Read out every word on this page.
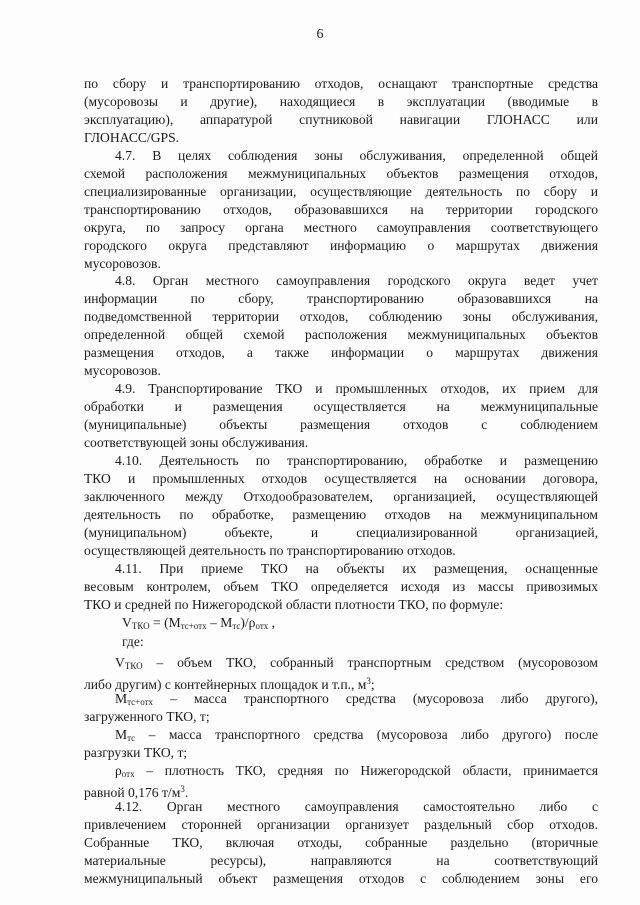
6
по сбору и транспортированию отходов, оснащают транспортные средства
(мусоровозы и другие), находящиеся в эксплуатации (вводимые в
эксплуатацию), аппаратурой спутниковой навигации ГЛОНАСС или
ГЛОНАСС/GPS.
4.7. В целях соблюдения зоны обслуживания, определенной общей
схемой расположения межмуниципальных объектов размещения отходов,
специализированные организации, осуществляющие деятельность по сбору и
транспортированию отходов, образовавшихся на территории городского
округа, по запросу органа местного самоуправления соответствующего
городского округа представляют информацию о маршрутах движения
мусоровозов.
4.8. Орган местного самоуправления городского округа ведет учет
информации по сбору, транспортированию образовавшихся на
подведомственной территории отходов, соблюдению зоны обслуживания,
определенной общей схемой расположения межмуниципальных объектов
размещения отходов, а также информации о маршрутах движения
мусоровозов.
4.9. Транспортирование ТКО и промышленных отходов, их прием для
обработки и размещения осуществляется на межмуниципальные
(муниципальные) объекты размещения отходов с соблюдением
соответствующей зоны обслуживания.
4.10. Деятельность по транспортированию, обработке и размещению
ТКО и промышленных отходов осуществляется на основании договора,
заключенного между Отходообразователем, организацией, осуществляющей
деятельность по обработке, размещению отходов на межмуниципальном
(муниципальном) объекте, и специализированной организацией,
осуществляющей деятельность по транспортированию отходов.
4.11. При приеме ТКО на объекты их размещения, оснащенные
весовым контролем, объем ТКО определяется исходя из массы привозимых
ТКО и средней по Нижегородской области плотности ТКО, по формуле:
$V_{ТКО} = (М_{тс+отх} - М_{тс})/\rho_{отх}$ ,
где:
$V_{ТКО}$ – объем ТКО, собранный транспортным средством (мусоровозом
либо другим) с контейнерных площадок и т.п., $м^3$;
$М_{тс+отх}$ – масса транспортного средства (мусоровоза либо другого),
загруженного ТКО, т;
$М_{тс}$ – масса транспортного средства (мусоровоза либо другого) после
разгрузки ТКО, т;
$\rho_{отх}$ – плотность ТКО, средняя по Нижегородской области, принимается
равной 0,176 $т/м^3$.
4.12. Орган местного самоуправления самостоятельно либо с
привлечением сторонней организации организует раздельный сбор отходов.
Собранные ТКО, включая отходы, собранные раздельно (вторичные
материальные ресурсы), направляются на соответствующий
межмуниципальный объект размещения отходов с соблюдением зоны его
